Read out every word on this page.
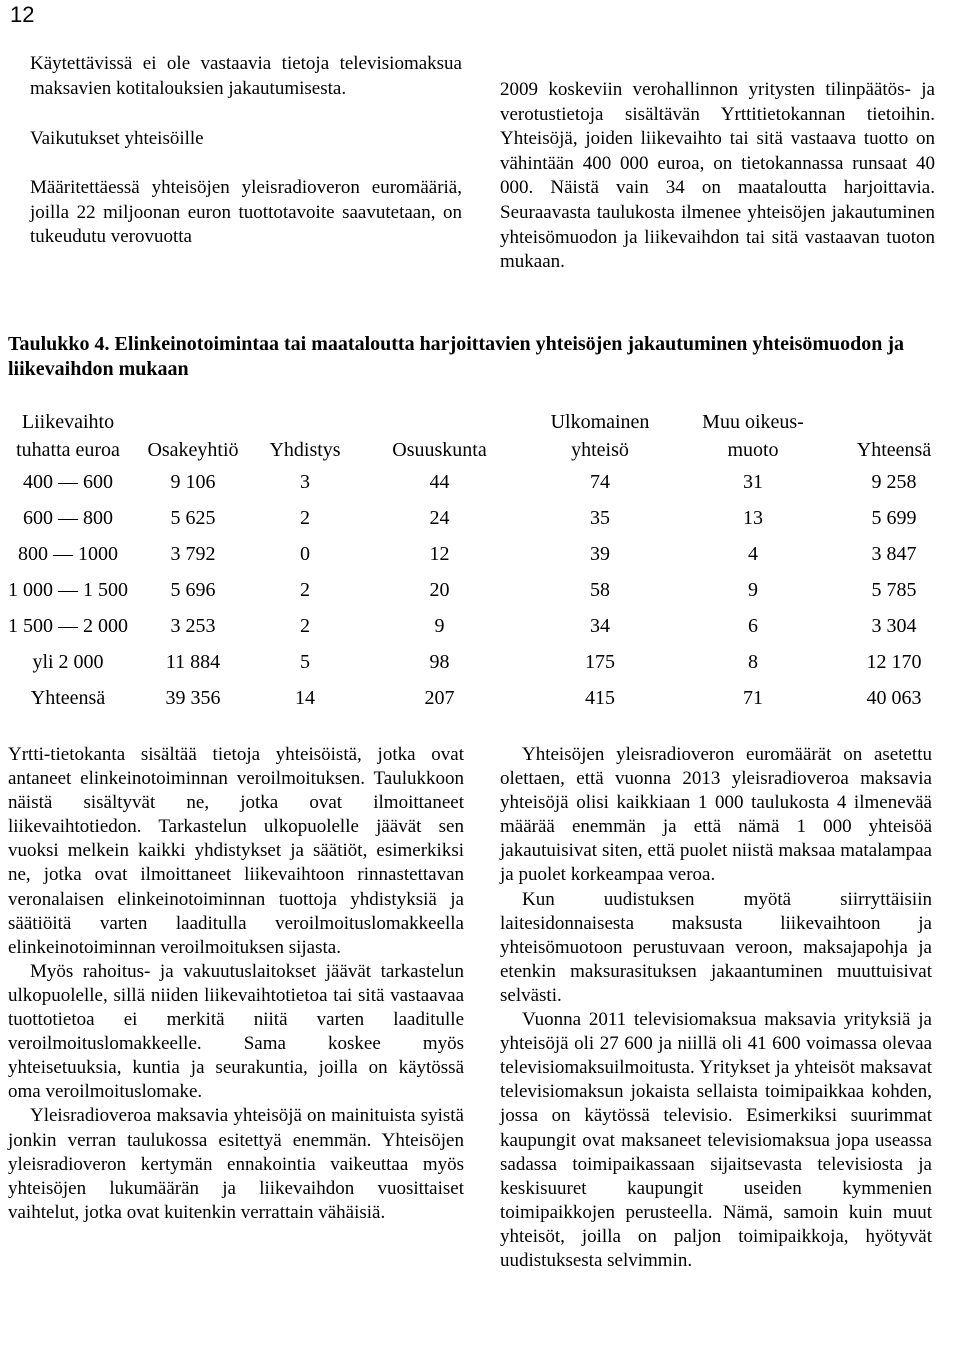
12

Käytettävissä ei ole vastaavia tietoja televisiomaksua maksavien kotitalouksien jakautumisesta.

Vaikutukset yhteisöille

Määritettäessä yhteisöjen yleisradioveron euromääriä, joilla 22 miljoonan euron tuottotavoite saavutetaan, on tukeudutu verovuotta

2009 koskeviin verohallinnon yritysten tilinpäätös- ja verotustietoja sisältävän Yrttitietokannan tietoihin. Yhteisöjä, joiden liikevaihto tai sitä vastaava tuotto on vähintään 400 000 euroa, on tietokannassa runsaat 40 000. Näistä vain 34 on maataloutta harjoittavia. Seuraavasta taulukosta ilmenee yhteisöjen jakautuminen yhteisömuodon ja liikevaihdon tai sitä vastaavan tuoton mukaan.

Taulukko 4. Elinkeinotoimintaa tai maataloutta harjoittavien yhteisöjen jakautuminen yhteisömuodon ja liikevaihdon mukaan
Liikevaihto				Ulkomainen	Muu oikeus-	
tuhatta euroa	Osakeyhtiö	Yhdistys	Osuuskunta	yhteisö	muoto	Yhteensä
400 — 600	9 106	3	44	74	31	9 258
600 — 800	5 625	2	24	35	13	5 699
800 — 1000	3 792	0	12	39	4	3 847
1 000 — 1 500	5 696	2	20	58	9	5 785
1 500 — 2 000	3 253	2	9	34	6	3 304
yli 2 000	11 884	5	98	175	8	12 170
Yhteensä	39 356	14	207	415	71	40 063

Yrtti-tietokanta sisältää tietoja yhteisöistä, jotka ovat antaneet elinkeinotoiminnan veroilmoituksen. Taulukkoon näistä sisältyvät ne, jotka ovat ilmoittaneet liikevaihtotiedon. Tarkastelun ulkopuolelle jäävät sen vuoksi melkein kaikki yhdistykset ja säätiöt, esimerkiksi ne, jotka ovat ilmoittaneet liikevaihtoon rinnastettavan veronalaisen elinkeinotoiminnan tuottoja yhdistyksiä ja säätiöitä varten laaditulla veroilmoituslomakkeella elinkeinotoiminnan veroilmoituksen sijasta.

Myös rahoitus- ja vakuutuslaitokset jäävät tarkastelun ulkopuolelle, sillä niiden liikevaihtotietoa tai sitä vastaavaa tuottotietoa ei merkitä niitä varten laaditulle veroilmoituslomakkeelle. Sama koskee myös yhteisetuuksia, kuntia ja seurakuntia, joilla on käytössä oma veroilmoituslomake.

Yleisradioveroa maksavia yhteisöjä on mainituista syistä jonkin verran taulukossa esitettyä enemmän. Yhteisöjen yleisradioveron kertymän ennakointia vaikeuttaa myös yhteisöjen lukumäärän ja liikevaihdon vuosittaiset vaihtelut, jotka ovat kuitenkin verrattain vähäisiä.

Yhteisöjen yleisradioveron euromäärät on asetettu olettaen, että vuonna 2013 yleisradioveroa maksavia yhteisöjä olisi kaikkiaan 1 000 taulukosta 4 ilmenevää määrää enemmän ja että nämä 1 000 yhteisöä jakautuisivat siten, että puolet niistä maksaa matalampaa ja puolet korkeampaa veroa.

Kun uudistuksen myötä siirryttäisiin laitesidonnaisesta maksusta liikevaihtoon ja yhteisömuotoon perustuvaan veroon, maksajapohja ja etenkin maksurasituksen jakaantuminen muuttuisivat selvästi.

Vuonna 2011 televisiomaksua maksavia yrityksiä ja yhteisöjä oli 27 600 ja niillä oli 41 600 voimassa olevaa televisiomaksuilmoitusta. Yritykset ja yhteisöt maksavat televisiomaksun jokaista sellaista toimipaikkaa kohden, jossa on käytössä televisio. Esimerkiksi suurimmat kaupungit ovat maksaneet televisiomaksua jopa useassa sadassa toimipaikassaan sijaitsevasta televisiosta ja keskisuuret kaupungit useiden kymmenien toimipaikkojen perusteella. Nämä, samoin kuin muut yhteisöt, joilla on paljon toimipaikkoja, hyötyvät uudistuksesta selvimmin.
